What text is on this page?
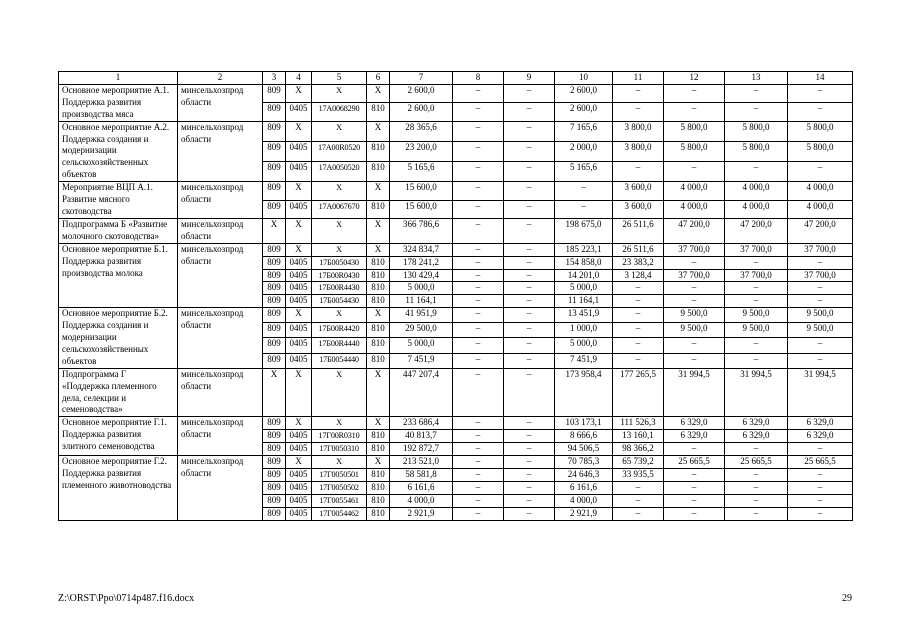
1	2	3	4	5	6	7	8	9	10	11	12	13	14
Основное мероприятие А.1. Поддержка развития производства мяса	минсельхозпрод области	809	Х	Х	Х	2 600,0	–	–	2 600,0	–	–	–	–
		809	0405	17А0068290	810	2 600,0	–	–	2 600,0	–	–	–	–
Основное мероприятие А.2. Поддержка создания и модернизации сельскохозяйственных объектов	минсельхозпрод области	809	Х	Х	Х	28 365,6	–	–	7 165,6	3 800,0	5 800,0	5 800,0	5 800,0
		809	0405	17А00R0520	810	23 200,0	–	–	2 000,0	3 800,0	5 800,0	5 800,0	5 800,0
		809	0405	17А0050520	810	5 165,6	–	–	5 165,6	–	–	–	–
Мероприятие ВЦП А.1. Развитие мясного скотоводства	минсельхозпрод области	809	Х	Х	Х	15 600,0	–	–	–	3 600,0	4 000,0	4 000,0	4 000,0
		809	0405	17А0067670	810	15 600,0	–	–	–	3 600,0	4 000,0	4 000,0	4 000,0
Подпрограмма Б «Развитие молочного скотоводства»	минсельхозпрод области	Х	Х	Х	Х	366 786,6	–	–	198 675,0	26 511,6	47 200,0	47 200,0	47 200,0
Основное мероприятие Б.1. Поддержка развития производства молока	минсельхозпрод области	809	Х	Х	Х	324 834,7	–	–	185 223,1	26 511,6	37 700,0	37 700,0	37 700,0
		809	0405	17Б0050430	810	178 241,2	–	–	154 858,0	23 383,2	–	–	–
		809	0405	17Б00R0430	810	130 429,4	–	–	14 201,0	3 128,4	37 700,0	37 700,0	37 700,0
		809	0405	17Б00R4430	810	5 000,0	–	–	5 000,0	–	–	–	–
		809	0405	17Б0054430	810	11 164,1	–	–	11 164,1	–	–	–	–
Основное мероприятие Б.2. Поддержка создания и модернизации сельскохозяйственных объектов	минсельхозпрод области	809	Х	Х	Х	41 951,9	–	–	13 451,9	–	9 500,0	9 500,0	9 500,0
		809	0405	17Б00R4420	810	29 500,0	–	–	1 000,0	–	9 500,0	9 500,0	9 500,0
		809	0405	17Б00R4440	810	5 000,0	–	–	5 000,0	–	–	–	–
		809	0405	17Б0054440	810	7 451,9	–	–	7 451,9	–	–	–	–
Подпрограмма Г «Поддержка племенного дела, селекции и семеноводства»	минсельхозпрод области	Х	Х	Х	Х	447 207,4	–	–	173 958,4	177 265,5	31 994,5	31 994,5	31 994,5
Основное мероприятие Г.1. Поддержка развития элитного семеноводства	минсельхозпрод области	809	Х	Х	Х	233 686,4	–	–	103 173,1	111 526,3	6 329,0	6 329,0	6 329,0
		809	0405	17Г00R0310	810	40 813,7	–	–	8 666,6	13 160,1	6 329,0	6 329,0	6 329,0
		809	0405	17Г0050310	810	192 872,7	–	–	94 506,5	98 366,2	–	–	–
Основное мероприятие Г.2. Поддержка развития племенного животноводства	минсельхозпрод области	809	Х	Х	Х	213 521,0	–	–	70 785,3	65 739,2	25 665,5	25 665,5	25 665,5
		809	0405	17Г0050501	810	58 581,8	–	–	24 646,3	33 935,5	–	–	–
		809	0405	17Г0050502	810	6 161,6	–	–	6 161,6	–	–	–	–
		809	0405	17Г0055461	810	4 000,0	–	–	4 000,0	–	–	–	–
		809	0405	17Г0054462	810	2 921,9	–	–	2 921,9	–	–	–	–
Z:\ORST\Ppo\0714p487.f16.docx	29
